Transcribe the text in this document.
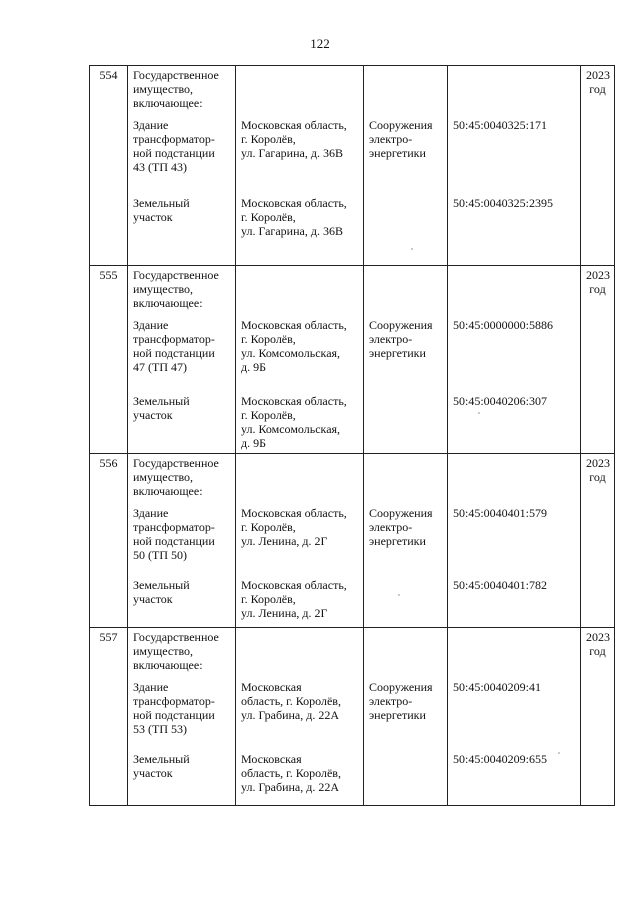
122
554	Государственное
имущество,
включающее:				2023
год

	Здание
трансформатор-
ной подстанции
43 (ТП 43)	Московская область,
г. Королёв,
ул. Гагарина, д. 36В	Сооружения
электро-
энергетики	50:45:0040325:171	

	Земельный
участок	Московская область,
г. Королёв,
ул. Гагарина, д. 36В		50:45:0040325:2395	

555	Государственное
имущество,
включающее:				2023
год

	Здание
трансформатор-
ной подстанции
47 (ТП 47)	Московская область,
г. Королёв,
ул. Комсомольская,
д. 9Б	Сооружения
электро-
энергетики	50:45:0000000:5886	

	Земельный
участок	Московская область,
г. Королёв,
ул. Комсомольская,
д. 9Б		50:45:0040206:307	

556	Государственное
имущество,
включающее:				2023
год

	Здание
трансформатор-
ной подстанции
50 (ТП 50)	Московская область,
г. Королёв,
ул. Ленина, д. 2Г	Сооружения
электро-
энергетики	50:45:0040401:579	

	Земельный
участок	Московская область,
г. Королёв,
ул. Ленина, д. 2Г		50:45:0040401:782	

557	Государственное
имущество,
включающее:				2023
год

	Здание
трансформатор-
ной подстанции
53 (ТП 53)	Московская
область, г. Королёв,
ул. Грабина, д. 22А	Сооружения
электро-
энергетики	50:45:0040209:41	

	Земельный
участок	Московская
область, г. Королёв,
ул. Грабина, д. 22А		50:45:0040209:655	
